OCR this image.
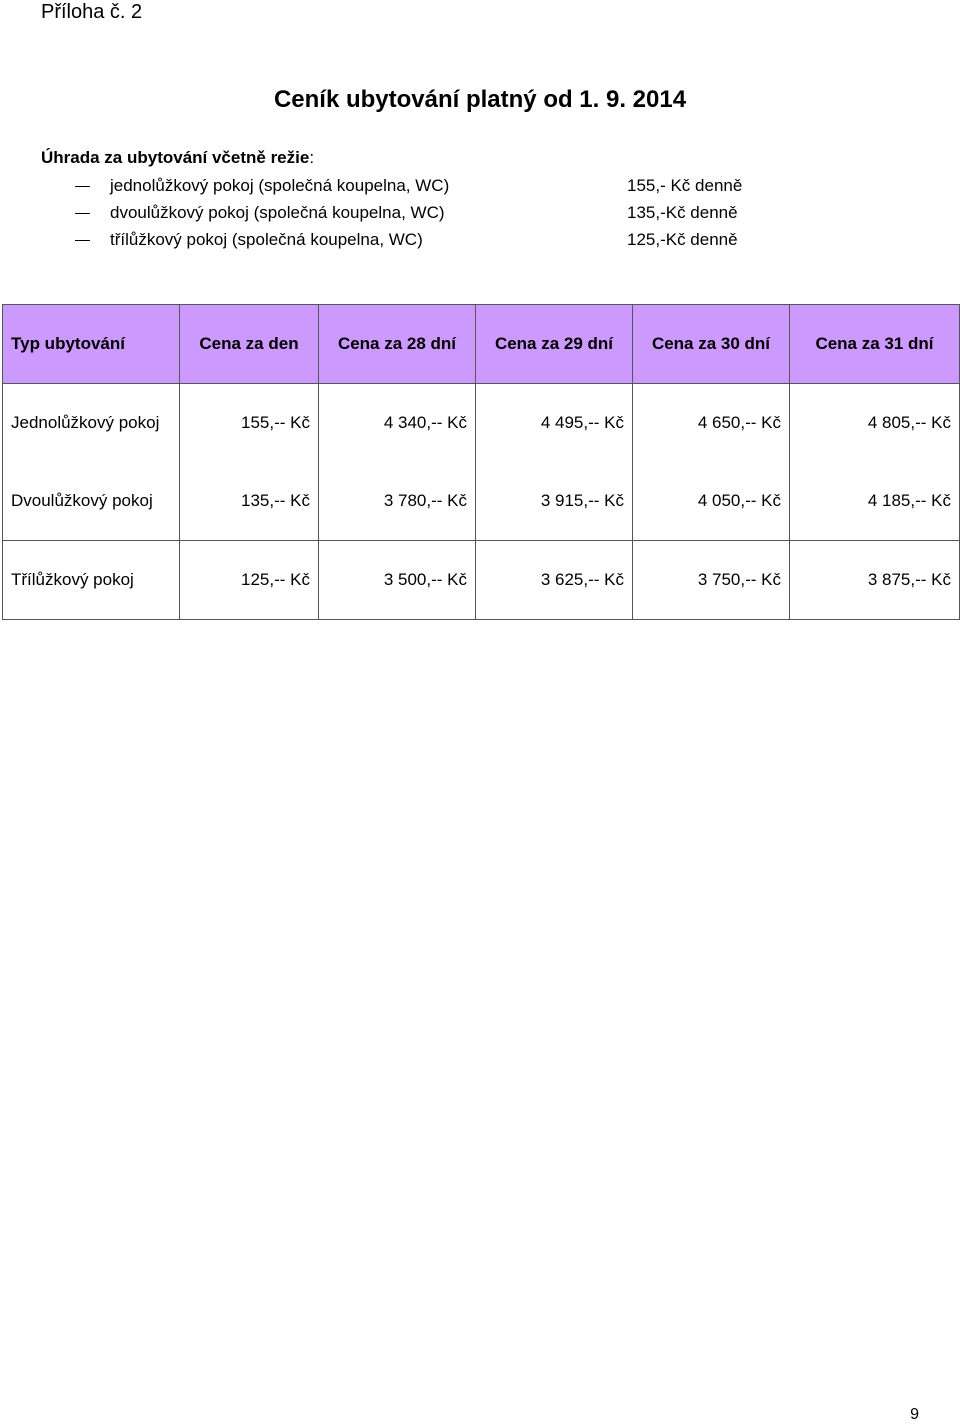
Příloha č. 2
Ceník ubytování platný od 1. 9. 2014
Úhrada za ubytování včetně režie:
jednolůžkový pokoj (společná koupelna, WC)	155,- Kč denně
dvoulůžkový pokoj (společná koupelna, WC)	135,-Kč denně
třílůžkový pokoj (společná koupelna, WC)	125,-Kč denně
Typ ubytování	Cena za den	Cena za 28 dní	Cena za 29 dní	Cena za 30 dní	Cena za 31 dní
Jednolůžkový pokoj	155,-- Kč	4 340,-- Kč	4 495,-- Kč	4 650,-- Kč	4 805,-- Kč
Dvoulůžkový pokoj	135,-- Kč	3 780,-- Kč	3 915,-- Kč	4 050,-- Kč	4 185,-- Kč
Třílůžkový pokoj	125,-- Kč	3 500,-- Kč	3 625,-- Kč	3 750,-- Kč	3 875,-- Kč
9
